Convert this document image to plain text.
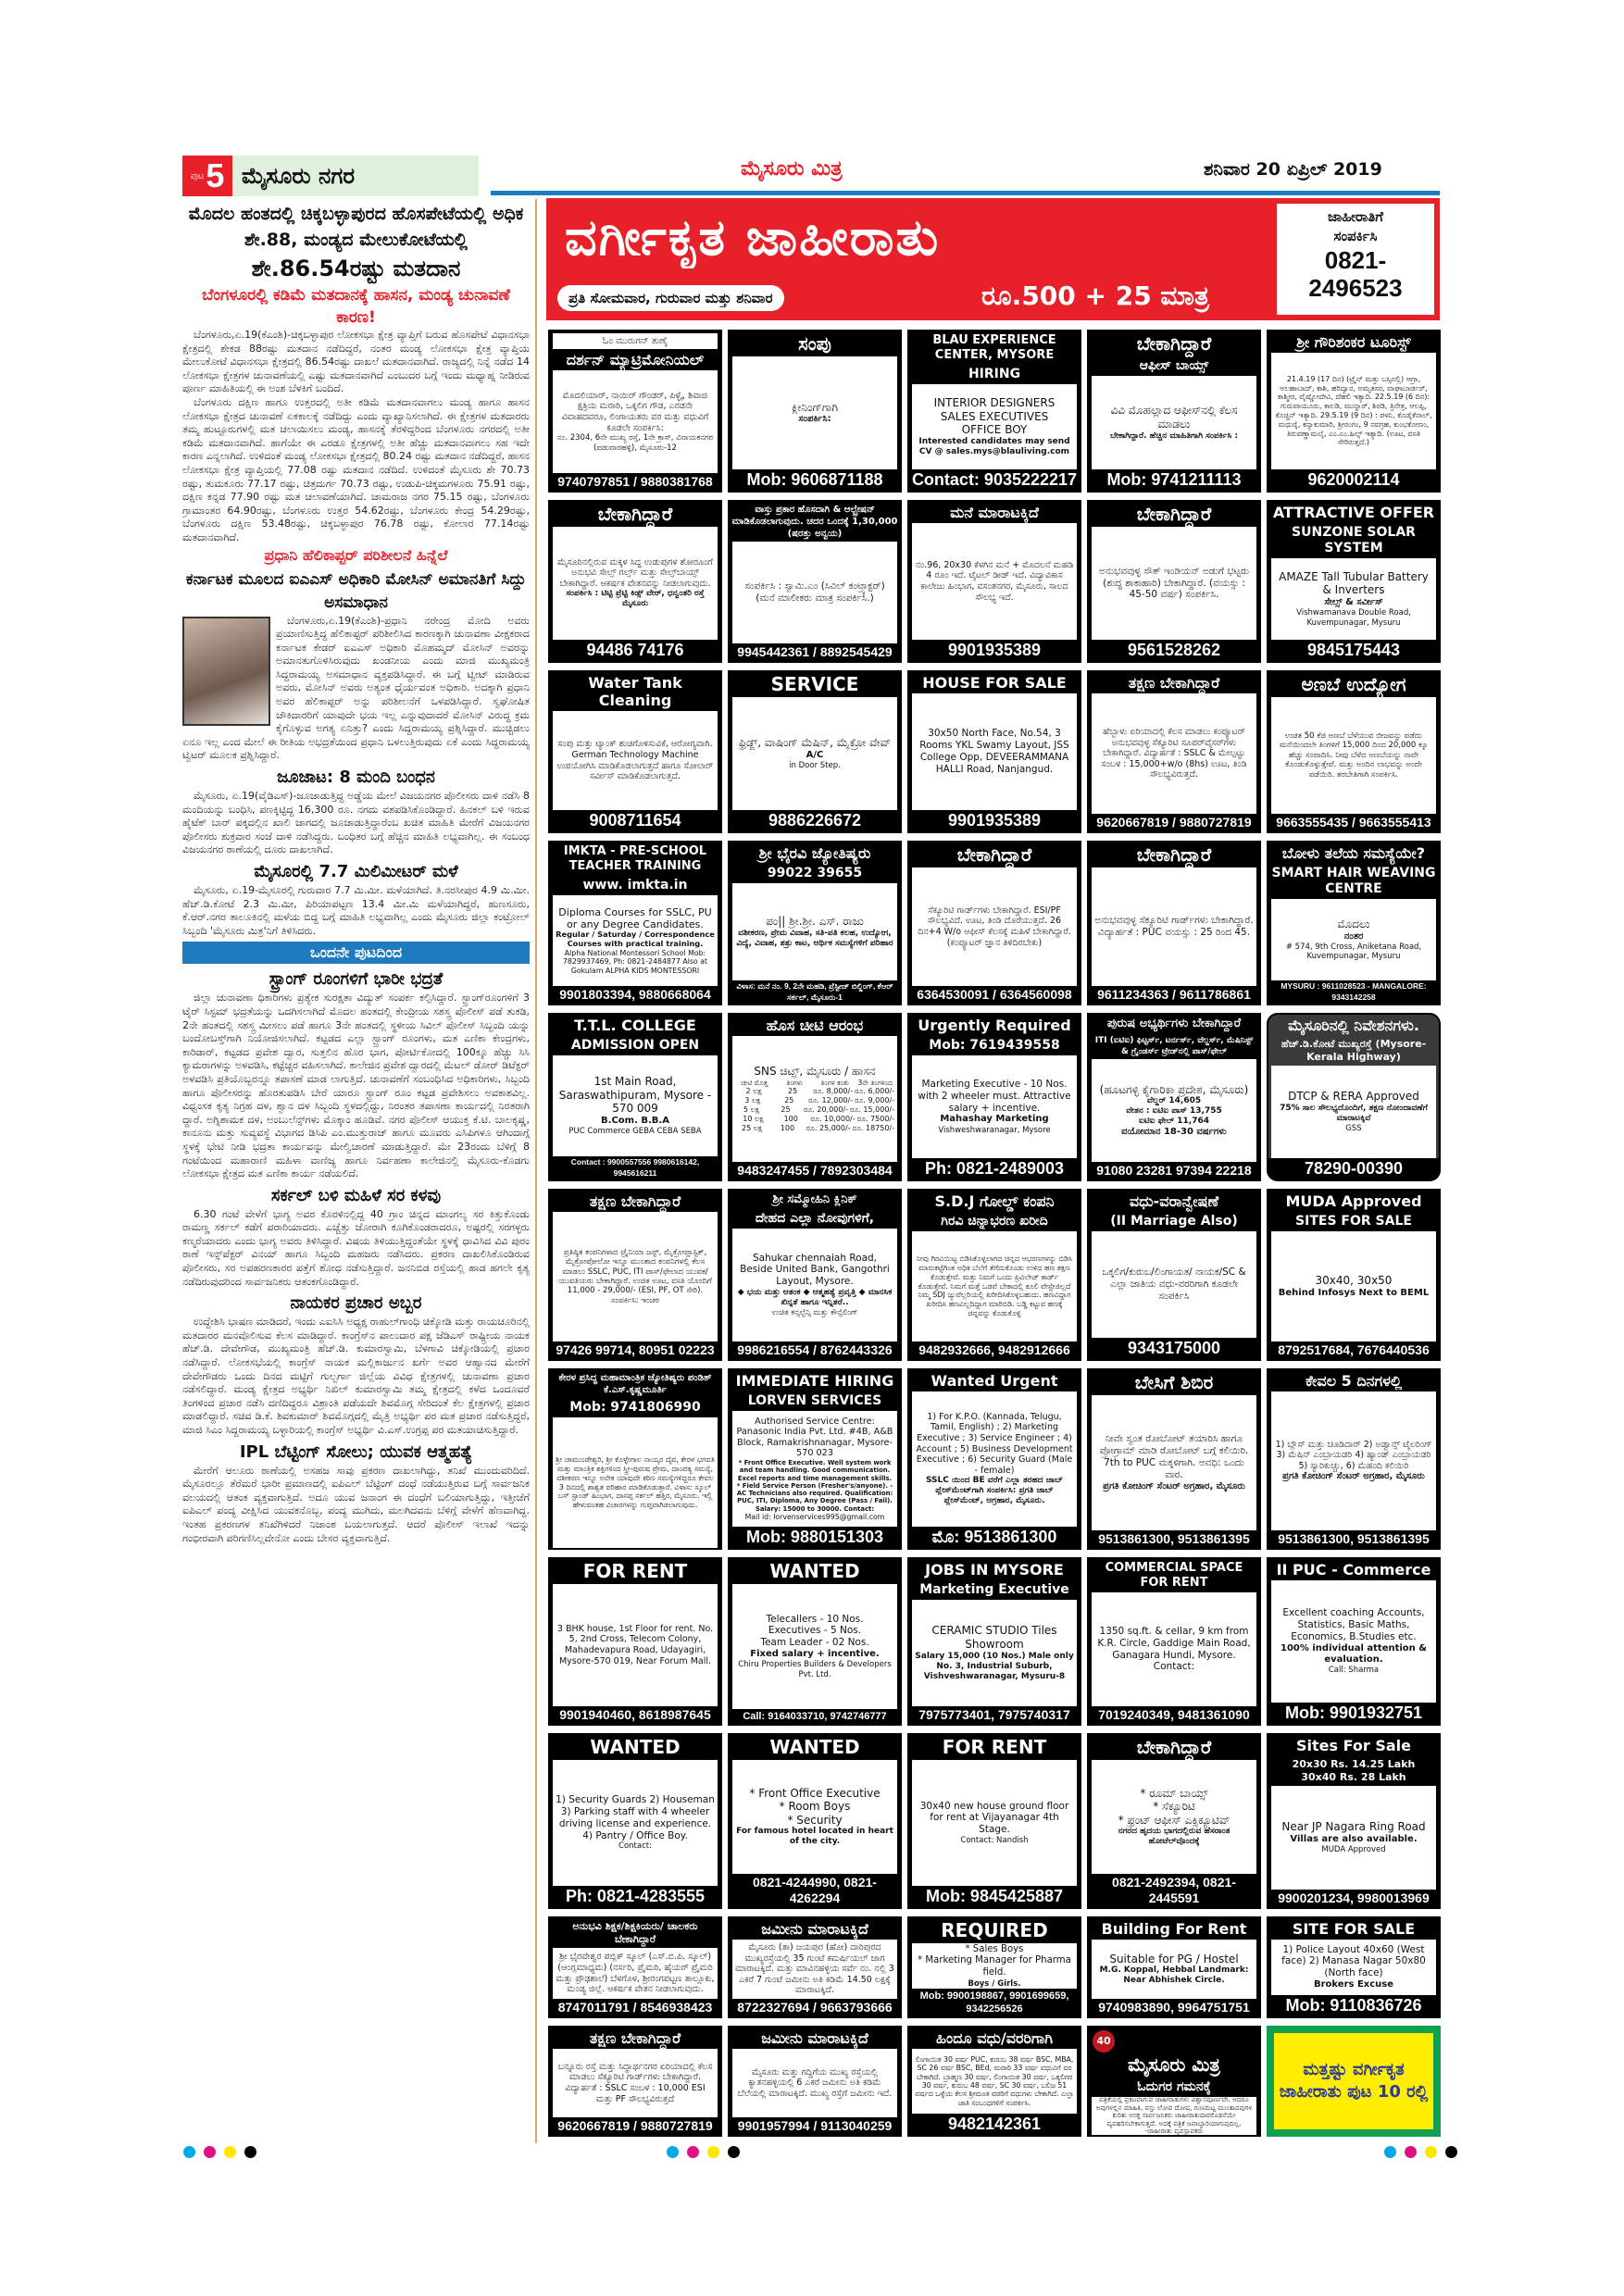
ಪುಟ 5 ಮೈಸೂರು ನಗರ	ಮೈಸೂರು ಮಿತ್ರ	ಶನಿವಾರ 20 ಏಪ್ರಿಲ್ 2019
ವರ್ಗೀಕೃತ ಜಾಹೀರಾತು
ಪ್ರತಿ ಸೋಮವಾರ, ಗುರುವಾರ ಮತ್ತು ಶನಿವಾರ	ರೂ.500 + 25 ಮಾತ್ರ
ಜಾಹೀರಾತಿಗೆ
ಸಂಪರ್ಕಿಸಿ
0821-
2496523
ಮೊದಲ ಹಂತದಲ್ಲಿ ಚಿಕ್ಕಬಳ್ಳಾಪುರದ ಹೊಸಪೇಟೆಯಲ್ಲಿ ಅಧಿಕ ಶೇ.88, ಮಂಡ್ಯದ ಮೇಲುಕೋಟೆಯಲ್ಲಿ
ಶೇ.86.54ರಷ್ಟು ಮತದಾನ
ಬೆಂಗಳೂರಲ್ಲಿ ಕಡಿಮೆ ಮತದಾನಕ್ಕೆ ಹಾಸನ, ಮಂಡ್ಯ ಚುನಾವಣೆ ಕಾರಣ!

ಬೆಂಗಳೂರು,ಏ.19(ಕೆಎಂಶಿ)-ಚಿಕ್ಕಬಳ್ಳಾಪುರ ಲೋಕಸಭಾ ಕ್ಷೇತ್ರ ವ್ಯಾಪ್ತಿಗೆ ಬರುವ ಹೊಸಪೇಟೆ ವಿಧಾನಸಭಾ ಕ್ಷೇತ್ರದಲ್ಲಿ ಶೇಕಡ 88ರಷ್ಟು ಮತದಾನ ನಡೆದಿದ್ದರೆ, ನಂತರ ಮಂಡ್ಯ ಲೋಕಸಭಾ ಕ್ಷೇತ್ರ ವ್ಯಾಪ್ತಿಯ ಮೇಲುಕೋಟೆ ವಿಧಾನಸಭಾ ಕ್ಷೇತ್ರದಲ್ಲಿ 86.54ರಷ್ಟು ದಾಖಲೆ ಮತದಾನವಾಗಿದೆ. ರಾಜ್ಯದಲ್ಲಿ ನಿನ್ನೆ ನಡೆದ 14 ಲೋಕಸಭಾ ಕ್ಷೇತ್ರಗಳ ಚುನಾವಣೆಯಲ್ಲಿ ಎಷ್ಟು ಮತದಾನವಾಗಿದೆ ಎಂಬುದರ ಬಗ್ಗೆ ಇಂದು ಮಧ್ಯಾಹ್ನ ನೀಡಿರುವ ಪೂರ್ಣ ಮಾಹಿತಿಯಲ್ಲಿ ಈ ಅಂಶ ಬೆಳಕಿಗೆ ಬಂದಿದೆ.

ಬೆಂಗಳೂರು ದಕ್ಷಿಣ ಹಾಗೂ ಉತ್ತರದಲ್ಲಿ ಅತೀ ಕಡಿಮೆ ಮತದಾನವಾಗಲು ಮಂಡ್ಯ ಹಾಗೂ ಹಾಸನ ಲೋಕಸಭಾ ಕ್ಷೇತ್ರದ ಚುನಾವಣೆ ಏಕಕಾಲಕ್ಕೆ ನಡೆದಿದ್ದು ಎಂದು ವ್ಯಾಖ್ಯಾನಿಸಲಾಗಿದೆ. ಈ ಕ್ಷೇತ್ರಗಳ ಮತದಾರರು ತಮ್ಮ ಹುಟ್ಟೂರುಗಳಲ್ಲಿ ಮತ ಚಲಾಯಿಸಲು ಮಂಡ್ಯ, ಹಾಸನಕ್ಕೆ ತೆರಳಿದ್ದರಿಂದ ಬೆಂಗಳೂರು ನಗರದಲ್ಲಿ ಅತೀ ಕಡಿಮೆ ಮತದಾನವಾಗಿದೆ. ಹಾಗೆಯೇ ಈ ಎರಡೂ ಕ್ಷೇತ್ರಗಳಲ್ಲಿ ಅತೀ ಹೆಚ್ಚು ಮತದಾನವಾಗಲು ಸಹ ಇದೇ ಕಾರಣ ಎನ್ನಲಾಗಿದೆ. ಉಳಿದಂತೆ ಮಂಡ್ಯ ಲೋಕಸಭಾ ಕ್ಷೇತ್ರದಲ್ಲಿ 80.24 ರಷ್ಟು ಮತದಾನ ನಡೆದಿದ್ದರೆ, ಹಾಸನ ಲೋಕಸಭಾ ಕ್ಷೇತ್ರ ವ್ಯಾಪ್ತಿಯಲ್ಲಿ 77.08 ರಷ್ಟು ಮತದಾನ ನಡೆದಿದೆ. ಉಳಿದಂತೆ ಮೈಸೂರು ಶೇ 70.73 ರಷ್ಟು, ತುಮಕೂರು 77.17 ರಷ್ಟು, ಚಿತ್ರದುರ್ಗ 70.73 ರಷ್ಟು, ಉಡುಪಿ-ಚಿಕ್ಕಮಗಳೂರು 75.91 ರಷ್ಟು, ದಕ್ಷಿಣ ಕನ್ನಡ 77.90 ರಷ್ಟು ಮತ ಚಲಾವಣೆಯಾಗಿದೆ. ಚಾಮರಾಜ ನಗರ 75.15 ರಷ್ಟು, ಬೆಂಗಳೂರು ಗ್ರಾಮಾಂತರ 64.90ರಷ್ಟು, ಬೆಂಗಳೂರು ಉತ್ತರ 54.62ರಷ್ಟು, ಬೆಂಗಳೂರು ಕೇಂದ್ರ 54.29ರಷ್ಟು, ಬೆಂಗಳೂರು ದಕ್ಷಿಣ 53.48ರಷ್ಟು, ಚಿಕ್ಕಬಳ್ಳಾಪುರ 76.78 ರಷ್ಟು, ಕೋಲಾರ 77.14ರಷ್ಟು ಮತದಾನವಾಗಿದೆ.

ಪ್ರಧಾನಿ ಹೆಲಿಕಾಪ್ಟರ್ ಪರಿಶೀಲನೆ ಹಿನ್ನೆಲೆ
ಕರ್ನಾಟಕ ಮೂಲದ ಐಎಎಸ್ ಅಧಿಕಾರಿ ಮೋಸಿನ್ ಅಮಾನತಿಗೆ ಸಿದ್ದು ಅಸಮಾಧಾನ

ಬೆಂಗಳೂರು,ಏ.19(ಕೆಎಂಶಿ)-ಪ್ರಧಾನಿ ನರೇಂದ್ರ ಮೋದಿ ಅವರು ಪ್ರಯಾಣಿಸುತ್ತಿದ್ದ ಹೆಲಿಕಾಪ್ಟರ್ ಪರಿಶೀಲಿಸಿದ ಕಾರಣಕ್ಕಾಗಿ ಚುನಾವಣಾ ವೀಕ್ಷಕರಾದ ಕರ್ನಾಟಕ ಕೇಡರ್ ಐಎಎಸ್ ಅಧಿಕಾರಿ ಮೊಹಮ್ಮದ್ ಮೋಸಿನ್ ಅವರನ್ನು ಅಮಾನತುಗೊಳಿಸಿರುವುದು ಖಂಡನೀಯ ಎಂದು ಮಾಜಿ ಮುಖ್ಯಮಂತ್ರಿ ಸಿದ್ದರಾಮಯ್ಯ ಅಸಮಾಧಾನ ವ್ಯಕ್ತಪಡಿಸಿದ್ದಾರೆ. ಈ ಬಗ್ಗೆ ಟ್ವೀಟ್ ಮಾಡಿರುವ ಅವರು, ಮೋಸಿನ್ ಅವರು ಅತ್ಯಂತ ಧೈರ್ಯವಂತ ಅಧಿಕಾರಿ. ಅದಕ್ಕಾಗಿ ಪ್ರಧಾನಿ ಅವರ ಹೆಲಿಕಾಪ್ಟರ್ ಅನ್ನು ಪರಿಶೀಲನೆಗೆ ಒಳಪಡಿಸಿದ್ದಾರೆ. ಸ್ವಘೋಷಿತ ಚೌಕಿದಾರರಿಗೆ ಯಾವುದೇ ಭಯ ಇಲ್ಲ ಎನ್ನುವುದಾದರೆ ಮೋಸಿನ್ ವಿರುದ್ಧ ಕ್ರಮ ಕೈಗೊಳ್ಳುವ ಅಗತ್ಯ ಏನಿತ್ತು? ಎಂದು ಸಿದ್ದರಾಮಯ್ಯ ಪ್ರಶ್ನಿಸಿದ್ದಾರೆ. ಮುಚ್ಚಿಡಲು ಏನೂ ಇಲ್ಲ ಎಂದ ಮೇಲೆ ಈ ರೀತಿಯ ಅಭದ್ರತೆಯಿಂದ ಪ್ರಧಾನಿ ಬಳಲುತ್ತಿರುವುದು ಏಕೆ ಎಂದು ಸಿದ್ದರಾಮಯ್ಯ ಟ್ವಿಟರ್ ಮೂಲಕ ಪ್ರಶ್ನಿಸಿದ್ದಾರೆ.

ಜೂಜಾಟ: 8 ಮಂದಿ ಬಂಧನ

ಮೈಸೂರು, ಏ.19(ವೈಡಿಎಸ್)-ಜೂಜಾಡುತ್ತಿದ್ದ ಅಡ್ಡೆಯ ಮೇಲೆ ವಿಜಯನಗರ ಪೊಲೀಸರು ದಾಳಿ ನಡೆಸಿ 8 ಮಂದಿಯನ್ನು ಬಂಧಿಸಿ, ಪಣಕ್ಕಿಟ್ಟಿದ್ದ 16,300 ರೂ. ನಗದು ವಶಪಡಿಸಿಕೊಂಡಿದ್ದಾರೆ. ಹಿನಕಲ್ ಬಳಿ ಇರುವ ಹೈಟೆಕ್ ಬಾರ್ ಪಕ್ಕದಲ್ಲಿನ ಖಾಲಿ ಜಾಗದಲ್ಲಿ ಜೂಜಾಡುತ್ತಿದ್ದಾರೆಂಬ ಖಚಿತ ಮಾಹಿತಿ ಮೇರೆಗೆ ವಿಜಯನಗರ ಪೊಲೀಸರು ಶುಕ್ರವಾರ ಸಂಜೆ ದಾಳಿ ನಡೆಸಿದ್ದರು. ಬಂಧಿತರ ಬಗ್ಗೆ ಹೆಚ್ಚಿನ ಮಾಹಿತಿ ಲಭ್ಯವಾಗಿಲ್ಲ. ಈ ಸಂಬಂಧ ವಿಜಯನಗರ ಠಾಣೆಯಲ್ಲಿ ದೂರು ದಾಖಲಾಗಿದೆ.

ಮೈಸೂರಲ್ಲಿ 7.7 ಮಿಲಿಮೀಟರ್ ಮಳೆ

ಮೈಸೂರು, ಏ.19-ಮೈಸೂರಲ್ಲಿ ಗುರುವಾರ 7.7 ಮಿ.ಮೀ. ಮಳೆಯಾಗಿದೆ. ತಿ.ನರಸೀಪುರ 4.9 ಮಿ.ಮೀ. ಹೆಚ್.ಡಿ.ಕೋಟೆ 2.3 ಮಿ.ಮೀ, ಪಿರಿಯಾಪಟ್ಟಣ 13.4 ಮೀ.ಮಿ ಮಳೆಯಾಗಿದ್ದರೆ, ಹುಣಸೂರು, ಕೆ.ಆರ್.ನಗರ ತಾಲೂಕಿನಲ್ಲಿ ಮಳೆಯ ಬಿದ್ದ ಬಗ್ಗೆ ಮಾಹಿತಿ ಲಭ್ಯವಾಗಿಲ್ಲ ಎಂದು ಮೈಸೂರು ಜಿಲ್ಲಾ ಕಂಟ್ರೋಲ್ ಸಿಬ್ಬಂದಿ 'ಮೈಸೂರು ಮಿತ್ರ'ನಿಗೆ ತಿಳಿಸಿದರು.

ಒಂದನೇ ಪುಟದಿಂದ
ಸ್ಟ್ರಾಂಗ್ ರೂಂಗಳಿಗೆ ಭಾರೀ ಭದ್ರತೆ

ಜಿಲ್ಲಾ ಚುನಾವಣಾ ಧಿಕಾರಿಗಳು ಪ್ರತ್ಯೇಕ ಸುರಕ್ಷತಾ ವಿದ್ಯುತ್ ಸಂಪರ್ಕ ಕಲ್ಪಿಸಿದ್ದಾರೆ. ಸ್ಟ್ರಾಂಗ್‌ರೂಂಗಳಿಗೆ 3 ಟೈರ್ ಸಿಸ್ಟಮ್ ಭದ್ರತೆಯನ್ನು ಒದಗಿಸಲಾಗಿದೆ ಮೊದಲ ಹಂತದಲ್ಲಿ ಕೇಂದ್ರೀಯ ಸಶಸ್ತ್ರ ಪೊಲೀಸ್ ಪಡೆ ತುಕಡಿ, 2ನೇ ಹಂತದಲ್ಲಿ ಸಶಸ್ತ್ರ ಮೀಸಲು ಪಡೆ ಹಾಗೂ 3ನೇ ಹಂತದಲ್ಲಿ ಸ್ಥಳೀಯ ಸಿವಿಲ್ ಪೊಲೀಸ್ ಸಿಬ್ಬಂದಿ ಯನ್ನು ಬಂದೋಬಸ್ತ್‌ಗಾಗಿ ನಿಯೋಜಿಸಲಾಗಿದೆ. ಕಟ್ಟಡದ ಎಲ್ಲಾ ಸ್ಟ್ರಾಂಗ್ ರೂಂಗಳು, ಮತ ಎಣಿಕಾ ಕೇಂದ್ರಗಳು, ಕಾರಿಡಾರ್, ಕಟ್ಟಡದ ಪ್ರವೇಶ ದ್ವಾರ, ಸುತ್ತಲಿನ ಹೊರ ಭಾಗ, ಪೋರ್ಟಿಕೋದಲ್ಲಿ 100ಕ್ಕೂ ಹೆಚ್ಚು ಸಿಸಿ ಕ್ಯಾಮರಾಗಳನ್ನು ಅಳವಡಿಸಿ, ಕಟ್ಟೆಚ್ಚರ ವಹಿಸಲಾಗಿದೆ. ಕಾಲೇಜಿನ ಪ್ರವೇಶ ದ್ವಾರದಲ್ಲಿ ಮೆಟಲ್ ಡೋರ್ ಡಿಟೆಕ್ಟರ್ ಅಳವಡಿಸಿ ಪ್ರತಿಯೊಬ್ಬರನ್ನೂ ತಪಾಸಣೆ ಮಾಡ ಲಾಗುತ್ತಿದೆ. ಚುನಾವಣೆಗೆ ಸಂಬಂಧಿಸಿದ ಅಧಿಕಾರಿಗಳು, ಸಿಬ್ಬಂದಿ ಹಾಗೂ ಪೊಲೀಸರನ್ನು ಹೊರತುಪಡಿಸಿ ಬೇರೆ ಯಾರೂ ಸ್ಟ್ರಾಂಗ್ ರೂಂ ಕಟ್ಟಡ ಪ್ರವೇಶಿಸಲು ಅವಕಾಶವಿಲ್ಲ. ವಿಧ್ವಂಸಕ ಕೃತ್ಯ ನಿಗ್ರಹ ದಳ, ಶ್ವಾನ ದಳ ಸಿಬ್ಬಂದಿ ಸ್ಥಳದಲ್ಲಿದ್ದು, ನಿರಂತರ ತಪಾಸಣಾ ಕಾರ್ಯದಲ್ಲಿ ನಿರತರಾಗಿ ದ್ದಾರೆ. ಅಗ್ನಿಶಾಮಕ ದಳ, ಅಂಬುಲೆನ್ಸ್‌ಗಳು ಮೊಕ್ಕಾಂ ಹೂಡಿವೆ. ನಗರ ಪೊಲೀಸ್ ಆಯುಕ್ತ ಕೆ.ಟಿ. ಬಾಲಕೃಷ್ಣ, ಕಾನೂನು ಮತ್ತು ಸುವ್ಯವಸ್ಥೆ ವಿಭಾಗದ ಡಿಸಿಪಿ ಎಂ.ಮುತ್ತುರಾಜ್ ಹಾಗೂ ಮೂವರು ಎಸಿಪಿಗಳೂ ಆಗಿಂದಾಗ್ಗೆ ಸ್ಥಳಕ್ಕೆ ಭೇಟಿ ನೀಡಿ ಭದ್ರತಾ ಕಾರ್ಯವನ್ನು ಮೇಲ್ವಿಚಾರಣೆ ಮಾಡುತ್ತಿದ್ದಾರೆ. ಮೇ 23ರಂದು ಬೆಳಿಗ್ಗೆ 8 ಗಂಟೆಯಿಂದ ಮಹಾರಾಣಿ ಮಹಿಳಾ ವಾಣಿಜ್ಯ ಹಾಗೂ ನಿರ್ವಹಣಾ ಕಾಲೇಜಿನಲ್ಲಿ ಮೈಸೂರು-ಕೊಡಗು ಲೋಕಸಭಾ ಕ್ಷೇತ್ರದ ಮತ ಎಣಿಕಾ ಕಾರ್ಯ ನಡೆಯಲಿದೆ.

ಸರ್ಕಲ್ ಬಳಿ ಮಹಿಳೆ ಸರ ಕಳವು

6.30 ಗಂಟೆ ವೇಳೆಗೆ ಭಾಗ್ಯ ಅವರ ಕೊರಳಿನಲ್ಲಿದ್ದ 40 ಗ್ರಾಂ ಚಿನ್ನದ ಮಾಂಗಲ್ಯ ಸರ ಕಿತ್ತುಕೊಂಡು ರಾಮಣ್ಣ ಸರ್ಕಲ್ ಕಡೆಗೆ ಪರಾರಿಯಾದರು. ಎಚ್ಚೆತ್ತು ಜೋರಾಗಿ ಕೂಗಿಕೊಂಡರಾದರೂ, ಅಷ್ಟರಲ್ಲಿ ಸರಗಳ್ಳರು ಕಣ್ಮರೆಯಾದರು ಎಂದು ಭಾಗ್ಯ ಅವರು ತಿಳಿಸಿದ್ದಾರೆ. ವಿಷಯ ತಿಳಿಯುತ್ತಿದ್ದಂತೆಯೇ ಸ್ಥಳಕ್ಕೆ ಧಾವಿಸಿದ ವಿವಿ ಪುರಂ ಠಾಣೆ ಇನ್ಸ್‌ಪೆಕ್ಟರ್ ವಿನಯ್ ಹಾಗೂ ಸಿಬ್ಬಂದಿ ಮಹಜರು ನಡೆಸಿದರು. ಪ್ರಕರಣ ದಾಖಲಿಸಿಕೊಂಡಿರುವ ಪೊಲೀಸರು, ಸರ ಅಪಹರಣಕಾರರ ಪತ್ತೆಗೆ ಶೋಧ ನಡೆಸುತ್ತಿದ್ದಾರೆ. ಜನನಿಬಿಡ ರಸ್ತೆಯಲ್ಲಿ ಹಾಡ ಹಗಲೇ ಕೃತ್ಯ ನಡೆದಿರುವುದರಿಂದ ಸಾರ್ವಜನಿಕರು ಆತಂಕಗೊಂಡಿದ್ದಾರೆ.

ನಾಯಕರ ಪ್ರಚಾರ ಅಬ್ಬರ

ಉದ್ದೇಶಿಸಿ ಭಾಷಣ ಮಾಡಿದರೆ, ಇಂದು ಎಐಸಿಸಿ ಅಧ್ಯಕ್ಷ ರಾಹುಲ್‌ಗಾಂಧಿ ಚಿಕ್ಕೋಡಿ ಮತ್ತು ರಾಯಚೂರಿನಲ್ಲಿ ಮತದಾರರ ಮನವೊಲಿಸುವ ಕೆಲಸ ಮಾಡಿದ್ದಾರೆ. ಕಾಂಗ್ರೆಸ್‌ನ ಪಾಲುದಾರ ಪಕ್ಷ ಜೆಡಿಎಸ್ ರಾಷ್ಟ್ರೀಯ ನಾಯಕ ಹೆಚ್.ಡಿ. ದೇವೇಗೌಡ, ಮುಖ್ಯಮಂತ್ರಿ ಹೆಚ್.ಡಿ. ಕುಮಾರಸ್ವಾಮಿ, ಬೆಳಗಾವಿ ಚಿಕ್ಕೋಡಿಯಲ್ಲಿ ಪ್ರಚಾರ ನಡೆಸಿದ್ದಾರೆ. ಲೋಕಸಭೆಯಲ್ಲಿ ಕಾಂಗ್ರೆಸ್ ನಾಯಕ ಮಲ್ಲಿಕಾರ್ಜುನ ಖರ್ಗೆ ಅವರ ಆಹ್ವಾನದ ಮೇರೆಗೆ ದೇವೇಗೌಡರು ಒಂದು ದಿನದ ಮಟ್ಟಿಗೆ ಗುಲ್ಬರ್ಗಾ ಜಿಲ್ಲೆಯ ವಿವಿಧ ಕ್ಷೇತ್ರಗಳಲ್ಲಿ ಚುನಾವಣಾ ಪ್ರಚಾರ ನಡೆಸಲಿದ್ದಾರೆ. ಮಂಡ್ಯ ಕ್ಷೇತ್ರದ ಅಭ್ಯರ್ಥಿ ನಿಖಿಲ್ ಕುಮಾರಸ್ವಾಮಿ ತಮ್ಮ ಕ್ಷೇತ್ರದಲ್ಲಿ ಕಳೆದ ಒಂದೂವರೆ ತಿಂಗಳಿಂದ ಪ್ರಚಾರ ನಡೆಸಿ ದಣಿದಿದ್ದರೂ ವಿಶ್ರಾಂತಿ ಪಡೆಯದೇ ಶಿವಮೊಗ್ಗ ಸೇರಿದಂತೆ ಕೆಲ ಕ್ಷೇತ್ರಗಳಲ್ಲಿ ಪ್ರಚಾರ ಮಾಡಲಿದ್ದಾರೆ. ಸಚಿವ ಡಿ.ಕೆ. ಶಿವಕುಮಾರ್ ಶಿವಮೊಗ್ಗದಲ್ಲಿ ಮೈತ್ರಿ ಅಭ್ಯರ್ಥಿ ಪರ ಮತ ಪ್ರಚಾರ ನಡೆಸುತ್ತಿದ್ದರೆ, ಮಾಜಿ ಸಿಎಂ ಸಿದ್ದರಾಮಯ್ಯ ಬಳ್ಳಾರಿಯಲ್ಲಿ ಕಾಂಗ್ರೆಸ್ ಅಭ್ಯರ್ಥಿ ವಿ.ಎಸ್.ಉಗ್ರಪ್ಪ ಪರ ಮತಯಾಚಿಸುತ್ತಿದ್ದಾರೆ.

IPL ಬೆಟ್ಟಿಂಗ್ ಸೋಲು; ಯುವಕ ಆತ್ಮಹತ್ಯೆ

ಮೇರೆಗೆ ಆಲೂರು ಠಾಣೆಯಲ್ಲಿ ಅಸಹಜ ಸಾವು ಪ್ರಕರಣ ದಾಖಲಾಗಿದ್ದು, ತನಿಖೆ ಮುಂದುವರಿದಿದೆ. ಮೈಸೂರಲ್ಲೂ ತೆರೆಮರೆ ಭಾರೀ ಪ್ರಮಾಣದಲ್ಲಿ ಐಪಿಎಲ್ ಬೆಟ್ಟಿಂಗ್ ದಂಧೆ ನಡೆಯುತ್ತಿರುವ ಬಗ್ಗೆ ಸಾರ್ವಜನಿಕ ವಲಯದಲ್ಲಿ ಆತಂಕ ವ್ಯಕ್ತವಾಗುತ್ತಿದೆ. ಅದೂ ಯುವ ಜನಾಂಗ ಈ ದಂಧೆಗೆ ಬಲಿಯಾಗುತ್ತಿದ್ದು, ಇತ್ತೀಚೆಗೆ ಐಪಿಎಲ್ ಪಂದ್ಯ ವೀಕ್ಷಿಸಿದ ಯುವಕನೊಬ್ಬ, ಪಂದ್ಯ ಮುಗಿದು, ಮಲಗಿದವನು ಬೆಳಿಗ್ಗೆ ವೇಳೆಗೆ ಹೆಣವಾಗಿದ್ದ. ಇಂತಹ ಪ್ರಕರಣಗಳ ತನಿಖೆಗಿಳಿದರೆ ನಿಜಾಂಶ ಬಯಲಾಗುತ್ತದೆ. ಆದರೆ ಪೊಲೀಸ್ ಇಲಾಖೆ ಇದನ್ನು ಗಂಭೀರವಾಗಿ ಪರಿಗಣಿಸಿಲ್ಲವೇನೋ ಎಂದು ಬೇಸರ ವ್ಯಕ್ತವಾಗುತ್ತಿದೆ.

ಓಂ ಮುರುಗನ್ ತುಣೈ
ದರ್ಶನ್ ಮ್ಯಾಟ್ರಿಮೋನಿಯಲ್
ಮೊದಲಿಯಾರ್, ನಾಯಿರ್ ಗೌಂಡರ್, ಪಿಳ್ಳೈ, ಶಿವಾಜಿ ಕ್ಷತ್ರಿಯ ಮರಾಠಿ, ಒಕ್ಕಲಿಗ ಗೌಡ, ಎರಡನೇ ವಿವಾಹದವರೂ, ಲಿಂಗಾಯತರು ವರ ಮತ್ತು ವಧುವಿಗೆ ಕೂಡಲೇ ಸಂಪರ್ಕಿಸಿ:
ನಂ. 2304, 6ನೇ ಮುಖ್ಯ ರಸ್ತೆ, 1ನೇ ಕ್ರಾಸ್, ವಿನಾಯಕನಗರ (ಪಡುವಾರಹಳ್ಳಿ), ಮೈಸೂರು-12
9740797851 / 9880381768
ಸಂಪು
ಕ್ಲೀನಿಂಗ್‌ಗಾಗಿ
ಸಂಪರ್ಕಿಸಿ:
Mob: 9606871188
BLAU EXPERIENCE CENTER, MYSORE
HIRING
INTERIOR DESIGNERS
SALES EXECUTIVES
OFFICE BOY
Interested candidates may send CV @ sales.mys@blauliving.com
Contact: 9035222217
ಬೇಕಾಗಿದ್ದಾರೆ
ಆಫೀಸ್ ಬಾಯ್ಸ್
ವಿವಿ ಮೊಹಲ್ಲಾದ ಆಫೀಸ್‌ನಲ್ಲಿ ಕೆಲಸ ಮಾಡಲು
ಬೇಕಾಗಿದ್ದಾರೆ. ಹೆಚ್ಚಿನ ಮಾಹಿತಿಗಾಗಿ ಸಂಪರ್ಕಿಸಿ :
Mob: 9741211113
ಶ್ರೀ ಗೌರಿಶಂಕರ ಟೂರಿಸ್ಟ್
21.4.19 (17 ದಿನ) (ಟ್ರೈನ್ ಮತ್ತು ಬಸ್ಸಿನಲ್ಲಿ) ಆಗ್ರಾ, ಅಲಹಾಬಾದ್, ಕಾಶಿ, ಹರಿದ್ವಾರ, ಅಮೃತಸರ, ವಾಘಾಬಾರ್ಡರ್, ಕಾಶ್ಮೀರ, ವೈಷ್ಣೋದೇವಿ, ದೆಹಲಿ ಇತ್ಯಾದಿ. 22.5.19 (6 ದಿನ): ಗುರುವಾಯೂರು, ಕಾಲಡಿ, ಮುನ್ನಾರ್, ಶಿರಡಿ, ತ್ರಿನೇತ್ರ, ಆಲಪ್ಪಿ, ಕೊಚ್ಚಿನ್ ಇತ್ಯಾದಿ. 29.5.19 (9 ದಿನ) : ಪಳನಿ, ಕೊಡೈಕೆನಾಲ್, ಮಧುರೈ, ಕನ್ಯಾಕುಮಾರಿ, ಶ್ರೀರಂಗಂ, 9 ನವಗ್ರಹ, ಕುಂಭಕೋಣಂ, ತಿರುವಣ್ಣಾಮಲೈ, ಎಂ.ಎಂ.ಹಿಲ್ಸ್ ಇತ್ಯಾದಿ. (ಊಟ, ವಸತಿ ಸೇರಿರುತ್ತದೆ.)
9620002114
ಬೇಕಾಗಿದ್ದಾರೆ
ಮೈಸೂರಿನಲ್ಲಿರುವ ಮಕ್ಕಳ ಸಿದ್ಧ ಉಡುಪುಗಳ ಶೋರೂಂಗೆ ಅನುಭವಿ ಸೇಲ್ಸ್ ಗರ್ಲ್ಸ್ ಮತ್ತು ಸೇಲ್ಸ್‌ಬಾಯ್ಸ್ ಬೇಕಾಗಿದ್ದಾರೆ. ಆಕರ್ಷಕ ವೇತನವನ್ನು ನೀಡಲಾಗುವುದು.
ಸಂಪರ್ಕಿಸಿ : ಟಿಟ್ಟಿ ಪ್ರೆಟ್ಟಿ ಕಿಡ್ಸ್ ವೇರ್, ಧನ್ವಂತರಿ ರಸ್ತೆ ಮೈಸೂರು
94486 74176
ವಾಸ್ತು ಪ್ರಕಾರ ಹೊಸದಾಗಿ & ಆಲ್ಟ್ರೇಷನ್ ಮಾಡಿಕೊಡಲಾಗುವುದು. ಚದರ ಒಂದಕ್ಕೆ 1,30,000 (ಷರತ್ತು ಅನ್ವಯ)
ಸಂಪರ್ಕಿಸಿ : ಸ್ವಾಮಿ.ಎಂ (ಸಿವಿಲ್ ಕಂಟ್ರ್ಯಾಕ್ಟರ್) (ಮನೆ ಮಾಲೀಕರು ಮಾತ್ರ ಸಂಪರ್ಕಿಸಿ.)
9945442361 / 8892545429
ಮನೆ ಮಾರಾಟಕ್ಕಿದೆ
ನಂ.96, 20x30 ಕೆಳಗಿನ ಮನೆ + ಮೊದಲನೆ ಮಹಡಿ 4 ರೂಂ ಇದೆ. ಟೈಟಲ್ ಡೀಡ್ ಇದೆ. ವಿದ್ಯಾವಿಕಾಸ ಕಾಲೇಜು ಹಿಂಭಾಗ, ವಸಂತನಗರ, ಮೈಸೂರು, ಸಾಲದ ಸೌಲಭ್ಯ ಇದೆ.
9901935389
ಬೇಕಾಗಿದ್ದಾರೆ
ಅನುಭವವುಳ್ಳ ಸೌತ್ ಇಂಡಿಯನ್ ಅಡುಗೆ ಭಟ್ಟರು (ಶುದ್ಧ ಶಾಕಾಹಾರಿ) ಬೇಕಾಗಿದ್ದಾರೆ. (ವಯಸ್ಸು : 45-50 ವರ್ಷ) ಸಂಪರ್ಕಿಸಿ.
9561528262
ATTRACTIVE OFFER
SUNZONE SOLAR SYSTEM
AMAZE Tall Tubular Battery & Inverters
ಸೇಲ್ಸ್ & ಸರ್ವೀಸ್
Vishwamanava Double Road, Kuvempunagar, Mysuru
9845175443
Water Tank Cleaning
ಸಂಪು ಮತ್ತು ಟ್ಯಾಂಕ್ ಶುಚಿಗೊಳಿಸುವಿಕೆ, ಆರೋಗ್ಯವಾಗಿ. German Technology Machine ಉಪಯೋಗಿಸಿ ಮಾಡಿಕೊಡಲಾಗುತ್ತದೆ ಹಾಗೂ ಸೋಲಾರ್ ಸರ್ವೀಸ್ ಮಾಡಿಕೊಡಲಾಗುತ್ತದೆ.
9008711654
SERVICE
ಫ್ರಿಡ್ಜ್, ವಾಷಿಂಗ್ ಮೆಷಿನ್, ಮೈಕ್ರೋ ವೇವ್
A/C
in Door Step.
9886226672
HOUSE FOR SALE
30x50 North Face, No.54, 3 Rooms YKL Swamy Layout, JSS College Opp, DEVEERAMMANA HALLI Road, Nanjangud.
9901935389
ತಕ್ಷಣ ಬೇಕಾಗಿದ್ದಾರೆ
ಹೆಬ್ಬಾಳು ಏರಿಯಾದಲ್ಲಿ ಕೆಲಸ ಮಾಡಲು ಕಂಪ್ಯೂಟರ್ ಅನುಭವವುಳ್ಳ ಸೆಕ್ಯೂರಿಟಿ ಸೂಪರ್‌ವೈಸರ್‌ಗಳು ಬೇಕಾಗಿದ್ದಾರೆ. ವಿದ್ಯಾರ್ಹತೆ : SSLC & ಮೇಲ್ಪಟ್ಟು ಸಂಬಳ : 15,000+w/o (8hs) ಊಟ, ತಿಂಡಿ ಸೌಲಭ್ಯವಿರುತ್ತದೆ.
9620667819 / 9880727819
ಅಣಬೆ ಉದ್ಯೋಗ
ಉಚಿತ 50 ಕೆಜಿ ಅಣಬೆ ಬೆಳೆಯುವ ಬೀಜವನ್ನು ಪಡೆದು ಮನೆಯಿಂದಲೇ ತಿಂಗಳಿಗೆ 15,000 ದಿಂದ 20,000 ಕ್ಕೂ ಹೆಚ್ಚು ಸಂಪಾದಿಸಿ. ನೀವು ಬೆಳೆದ ಅಣಬೆಯನ್ನು ನಾವೇ ಕೊಂಡುಕೊಳ್ಳುತ್ತೇವೆ. ಮತ್ತು ಅಂದಿನ ಲಾಭವನ್ನು ಅಂದೇ ಪಡೆಯಿರಿ. ತರಬೇತಿಗಾಗಿ ಸಂಪರ್ಕಿಸಿ.
9663555435 / 9663555413
IMKTA - PRE-SCHOOL TEACHER TRAINING
www. imkta.in
Diploma Courses for SSLC, PU or any Degree Candidates.
Regular / Saturday / Correspondence Courses with practical training.
Alpha National Montessori School Mob: 7829937469, Ph: 0821-2484877 Also at Gokulam ALPHA KIDS MONTESSORI
9901803394, 9880668064
ಶ್ರೀ ಭೈರವಿ ಜ್ಯೋತಿಷ್ಯರು
99022 39655
ಪಂ|| ಶ್ರೀ.ಶ್ರೀ. ಎಸ್. ರಾಜು
ವಶೀಕರಣ, ಪ್ರೇಮ ವಿವಾಹ, ಸತಿ-ಪತಿ ಕಲಹ, ಉದ್ಯೋಗ, ವಿದ್ಯೆ, ವಿವಾಹ, ಶತ್ರು ಕಾಟ, ಆರ್ಥಿಕ ಸಮಸ್ಯೆಗಳಿಗೆ ಪರಿಹಾರ
ವಿಳಾಸ: ಮನೆ ನಂ. 9, 2ನೇ ಮಹಡಿ, ಪ್ರೆಸ್ಟೀಜ್ ಬಿಲ್ಡಿಂಗ್, ಕೆಆರ್ ಸರ್ಕಲ್, ಮೈಸೂರು-1
ಬೇಕಾಗಿದ್ದಾರೆ
ಸೆಕ್ಯೂರಿಟಿ ಗಾರ್ಡ್‌ಗಳು ಬೇಕಾಗಿದ್ದಾರೆ. ESI/PF ಸೌಲಭ್ಯವಿದೆ. ಊಟ, ತಿಂಡಿ ದೊರೆಯುತ್ತದೆ. 26 ದಿನ+4 W/o ಆಫೀಸ್ ಕೆಲಸಕ್ಕೆ ಮಹಿಳೆ ಬೇಕಾಗಿದ್ದಾರೆ. (ಕಂಪ್ಯೂಟರ್ ಜ್ಞಾನ ತಿಳಿದಿರಬೇಕು)
6364530091 / 6364560098
ಬೇಕಾಗಿದ್ದಾರೆ
ಅನುಭವವುಳ್ಳ ಸೆಕ್ಯೂರಿಟಿ ಗಾರ್ಡ್‌ಗಳು ಬೇಕಾಗಿದ್ದಾರೆ. ವಿದ್ಯಾರ್ಹತೆ : PUC ವಯಸ್ಸು : 25 ರಿಂದ 45.
9611234363 / 9611786861
ಬೋಳು ತಲೆಯ ಸಮಸ್ಯೆಯೇ?
SMART HAIR WEAVING CENTRE
ಮೊದಲು
ನಂತರ
# 574, 9th Cross, Aniketana Road, Kuvempunagar, Mysuru
MYSURU : 9611028523 - MANGALORE: 9343142258
T.T.L. COLLEGE
ADMISSION OPEN
1st Main Road, Saraswathipuram, Mysore - 570 009
B.Com. B.B.A
PUC Commerce GEBA CEBA SEBA
Contact : 9900557556 9980616142, 9945616211
ಹೊಸ ಚೀಟಿ ಆರಂಭ
SNS ಚಿಟ್ಸ್, ಮೈಸೂರು / ಹಾಸನ
ಚೀಟಿ ಮೊತ್ತ	ತಿಂಗಳು	ತಿಂಗಳ ಕಂತು	3ನೇ ತಿಂಗಳಿಂದ
2 ಲಕ್ಷ	25	ರೂ. 8,000/- ರೂ. 6,000/-
3 ಲಕ್ಷ	25	ರೂ. 12,000/- ರೂ. 9,000/-
5 ಲಕ್ಷ	25	ರೂ. 20,000/- ರೂ. 15,000/-
10 ಲಕ್ಷ	100	ರೂ. 10,000/- ರೂ. 7500/-
25 ಲಕ್ಷ	100	ರೂ. 25,000/- ರೂ. 18750/-
9483247455 / 7892303484
Urgently Required
Mob: 7619439558
Marketing Executive - 10 Nos. with 2 wheeler must. Attractive salary + incentive.
Mahashay Marketing
Vishweshwaranagar, Mysore
Ph: 0821-2489003
ಪುರುಷ ಅಭ್ಯರ್ಥಿಗಳು ಬೇಕಾಗಿದ್ದಾರೆ
ITI (ಐಟಿಐ) ಫಿಟ್ಟರ್ಸ್, ಟರ್ನರ್ಸ್, ವೆಲ್ಡರ್ಸ್, ಮೆಷಿನಿಸ್ಟ್ & ಗ್ರೈಂಡರ್ಸ್ ಟ್ರೇಡ್‌ನಲ್ಲಿ ಪಾಸ್/ಫೇಲ್
(ಹೂಟಗಳ್ಳಿ ಕೈಗಾರಿಕಾ ಪ್ರದೇಶ, ಮೈಸೂರು)
ವೆಲ್ಡರ್ 14,605
ವೇತನ : ಐಟಿಐ ಪಾಸ್ 13,755
ಐಟಿಐ ಫೇಲ್ 11,764
ವಯೋಮಾನ 18-30 ವರ್ಷಗಳು
91080 23281 97394 22218
ಮೈಸೂರಿನಲ್ಲಿ ನಿವೇಶನಗಳು.
ಹೆಚ್.ಡಿ.ಕೋಟೆ ಮುಖ್ಯರಸ್ತೆ (Mysore-Kerala Highway)
DTCP & RERA Approved
75% ಸಾಲ ಸೌಲಭ್ಯದೊಂದಿಗೆ, ತಕ್ಷಣ ನೋಂದಾವಣೆಗೆ ಮಾರಾಟಕ್ಕಿವೆ
GSS
78290-00390
ತಕ್ಷಣ ಬೇಕಾಗಿದ್ದಾರೆ
ಪ್ರತಿಷ್ಠಿತ ಕಂಪನಿಗಳಾದ ಟ್ರೈನಿಯಾ ಜಸ್ಟ್, ಮೈಕ್ರೋಪ್ಲಾಸ್ಟಿಕ್, ಮೈಕ್ರೋಪೋಲೋ ಇನ್ನೂ ಮುಂತಾದ ಕಂಪನಿಗಳಲ್ಲಿ ಕೆಲಸ ಮಾಡಲು SSLC, PUC, ITI ಪಾಸ್/ಫೇಲಾದ ಯುವಕ/ಯುವತಿಯರು ಬೇಕಾಗಿದ್ದಾರೆ. ಉಚಿತ ಊಟ, ವಸತಿ ಯೊಂದಿಗೆ 11,000 - 29,000/- (ESI, PF, OT ಸೇರಿ). ಸಂಪರ್ಕಿಸಿ: ಇಂಚರ
97426 99714, 80951 02223
ಶ್ರೀ ಸಮ್ಮೋಹಿನಿ ಕ್ಲಿನಿಕ್
ದೇಹದ ಎಲ್ಲಾ ನೋವುಗಳಿಗೆ,
Sahukar chennaiah Road, Beside United Bank, Gangothri Layout, Mysore.
◆ ಭಯ ಮತ್ತು ಆತಂಕ ◆ ಆತ್ಮಹತ್ಯೆ ಪ್ರವೃತ್ತಿ ◆ ಮಾನಸಿಕ ಖಿನ್ನತೆ ಹಾಗೂ ಇನ್ನಿತರೆ..
ಉಚಿತ ಕನ್ಸಲ್ಟೆನ್ಸಿ ಮತ್ತು ಕೌನ್ಸೆಲಿಂಗ್
9986216554 / 8762443326
S.D.J ಗೋಲ್ಡ್ ಕಂಪನಿ
ಗಿರವಿ ಚಿನ್ನಾಭರಣ ಖರೀದಿ
ನೀವು ಗಿರವಿಯಿಟ್ಟ ಬಿಡಿಸಿಕೊಳ್ಳಲಾಗದ ಚಿನ್ನದ ಆಭರಣಗಳನ್ನು ಬಿಡಿಸಿ ಮಾರುಕಟ್ಟೆಗಿಂತ ಅಧಿಕ ಬೆಲೆಗೆ ತೆಗೆದುಕೊಂಡು ಉಳಿದ ಹಣ ತಕ್ಷಣ ಕೊಡುತ್ತೇವೆ. ಮತ್ತು ನಿಮಗೆ ಒಂದು ಪ್ರಿವಿಲೇಜ್ ಕಾರ್ಡ್ ಕೊಡುತ್ತೇವೆ. ನಿಮಗೆ ಮತ್ತೆ ಒಡವೆ ಬೇಕಾದಲ್ಲಿ ಕೂಲಿ ವೇಸ್ಟೇಜಿಲ್ಲದೆ ನಿಮ್ಮ SDJ ಜ್ಯುವೆಲ್ಲರಿಯಲ್ಲಿ ಖರೀದಿಸಿಕೊಳ್ಳಬಹುದು. ಹಣವಿದ್ದಾಗ ಖರೀದಿಸಿ ಹಣವಿಲ್ಲದಿದ್ದಾಗ ಮಾರಿಬಿಡಿ. ಬಡ್ಡಿ ಕಟ್ಟುವ ಹಣಕ್ಕೆ ಚಿನ್ನವನ್ನು ಕೊಡುಕೊಳ್ಳಿ
9482932666, 9482912666
ವಧು-ವರಾನ್ವೇಷಣೆ
(II Marriage Also)
ಒಕ್ಕಲಿಗ/ಕುರುಬ/ಲಿಂಗಾಯತ/ ನಾಯಕ/SC & ಎಲ್ಲಾ ಜಾತಿಯ ವಧು-ವರರಿಗಾಗಿ ಕೂಡಲೇ ಸಂಪರ್ಕಿಸಿ
9343175000
MUDA Approved
SITES FOR SALE
30x40, 30x50
Behind Infosys Next to BEML
8792517684, 7676440536
ಕೇರಳ ಪ್ರಸಿದ್ಧ ಮಹಾಮಾಂತ್ರಿಕ ಜ್ಯೋತಿಷ್ಯರು ಪಂಡಿತ್ ಕೆ.ಎಸ್.ಕೃಷ್ಣಮೂರ್ತಿ
Mob: 9741806990
ಶ್ರೀ ಚಾಮುಂಡೇಶ್ವರಿ, ಶ್ರೀ ಕೊಳ್ಳೇಗಾಲ ನಾಯ್ಕರ ದೈವ, ಕೇರಳ ಭಗವತಿ ಮತ್ತು ಮಾಂತ್ರಿಕ ಶಕ್ತಿಗಳಿಂದ ಸ್ತ್ರೀ-ಪುರುಷ ಪ್ರೇಮ, ದಾಂಪತ್ಯ ಸಮಸ್ಯೆ, ವಶೀಕರಣ ಇನ್ನೂ ಅನೇಕ ಯಾವುದೇ ಕಠಿಣ ಸಮಸ್ಯೆಗಳಿದ್ದರೂ ಕೇವಲ 3 ದಿನದಲ್ಲಿ ಶಾಶ್ವತ ಪರಿಹಾರ ಮಾಡಿಕೊಡುತ್ತಾರೆ. ವಿಳಾಸ: ಸ್ಕೂಲ್ ಬಸ್ ಸ್ಟಾಂಡ್ ಹಿಂಭಾಗ, ದಾಸಪ್ಪ ಸರ್ಕಲ್ ಹತ್ತಿರ, ಮೈಸೂರು. ಇಲ್ಲಿ ಹೇಳುವಂತಹ ವಿಚಾರಗಳನ್ನು ಗುಪ್ತವಾಗಿಡಲಾಗುವುದು.
IMMEDIATE HIRING
LORVEN SERVICES
Authorised Service Centre: Panasonic India Pvt. Ltd. #4B, A&B Block, Ramakrishnanagar, Mysore-570 023
* Front Office Executive. Well system work and team handling. Good communication. Excel reports and time management skills. * Field Service Person (Fresher's/anyone). -AC Technicians also required. Qualification: PUC, ITI, Diploma, Any Degree (Pass / Fail). Salary: 15000 to 30000. Contact:
Mail id: lorvenservices995@gmail.com
Mob: 9880151303
Wanted Urgent
1) For K.P.O. (Kannada, Telugu, Tamil, English) ; 2) Marketing Executive ; 3) Service Engineer ; 4) Account ; 5) Business Development Executive ; 6) Security Guard (Male - female)
SSLC ಯಿಂದ BE ವರೆಗೆ ಎಲ್ಲಾ ತರಹದ ಜಾಬ್ ಪ್ಲೇಸ್‌ಮೆಂಟ್‌ಗಾಗಿ ಸಂಪರ್ಕಿಸಿ: ಪ್ರಗತಿ ಜಾಬ್ ಪ್ಲೇಸ್‌ಮೆಂಟ್, ಅಗ್ರಹಾರ, ಮೈಸೂರು.
ಮೊ: 9513861300
ಬೇಸಿಗೆ ಶಿಬಿರ
ನೀವೇ ಸ್ವಂತ ರೋಬೋಟ್ ತಯಾರಿಸಿ ಹಾಗೂ ಪ್ರೋಗ್ರಾಮ್ ಮಾಡಿ ರೋಬೋಟ್ ಬಗ್ಗೆ ಕಲಿಯಿರಿ. 7th to PUC ಮಕ್ಕಳಿಗಾಗಿ. ಅವಧಿ: ಒಂದು ವಾರ.
ಪ್ರಗತಿ ಕೋಚಿಂಗ್ ಸೆಂಟರ್ ಅಗ್ರಹಾರ, ಮೈಸೂರು
9513861300, 9513861395
ಕೇವಲ 5 ದಿನಗಳಲ್ಲಿ
1) ಬ್ಲೌಸ್ ಮತ್ತು ಚೂಡಿದಾರ್ 2) ಅಡ್ವಾನ್ಸ್ ಟೈಲರಿಂಗ್ 3) ಮೆಷಿನ್ ಎಂಬ್ರಾಯಡರಿ 4) ಹ್ಯಾಂಡ್ ಎಂಬ್ರಾಯಡರಿ 5) ಸ್ಯಾರಿಕುಚ್ಚು, 6) ಮೆಹಂದಿ ಕಲಿಯಿರಿ
ಪ್ರಗತಿ ಕೋಚಿಂಗ್ ಸೆಂಟರ್ ಅಗ್ರಹಾರ, ಮೈಸೂರು
9513861300, 9513861395
FOR RENT
3 BHK house, 1st Floor for rent. No. 5, 2nd Cross, Telecom Colony, Mahadevapura Road, Udayagiri, Mysore-570 019, Near Forum Mall.
9901940460, 8618987645
WANTED
Telecallers - 10 Nos.
Executives - 5 Nos.
Team Leader - 02 Nos.
Fixed salary + incentive.
Chiru Properties Builders & Developers Pvt. Ltd.
Call: 9164033710, 9742746777
JOBS IN MYSORE
Marketing Executive
CERAMIC STUDIO Tiles Showroom
Salary 15,000 (10 Nos.) Male only No. 3, Industrial Suburb, Vishveshwaranagar, Mysuru-8
7975773401, 7975740317
COMMERCIAL SPACE FOR RENT
1350 sq.ft. & cellar, 9 km from K.R. Circle, Gaddige Main Road, Ganagara Hundi, Mysore. Contact:
7019240349, 9481361090
II PUC - Commerce
Excellent coaching Accounts, Statistics, Basic Maths, Economics, B.Studies etc.
100% individual attention & evaluation.
Call: Sharma
Mob: 9901932751
WANTED
1) Security Guards 2) Houseman 3) Parking staff with 4 wheeler driving license and experience. 4) Pantry / Office Boy.
Contact:
Ph: 0821-4283555
WANTED
* Front Office Executive
* Room Boys
* Security
For famous hotel located in heart of the city.
0821-4244990, 0821-4262294
FOR RENT
30x40 new house ground floor for rent at Vijayanagar 4th Stage.
Contact: Nandish
Mob: 9845425887
ಬೇಕಾಗಿದ್ದಾರೆ
* ರೂಮ್ ಬಾಯ್ಸ್
* ಸೆಕ್ಯೂರಿಟಿ
* ಫ್ರಂಟ್ ಆಫೀಸ್ ಎಕ್ಸಿಕ್ಯೂಟಿವ್
ನಗರದ ಹೃದಯ ಭಾಗದಲ್ಲಿರುವ ಹೆಸರಾಂತ ಹೋಟೆಲ್‌ವೊಂದಕ್ಕೆ
0821-2492394, 0821-2445591
Sites For Sale
20x30 Rs. 14.25 Lakh
30x40 Rs. 28 Lakh
Near JP Nagara Ring Road
Villas are also available.
MUDA Approved
9900201234, 9980013969
ಅನುಭವಿ ಶಿಕ್ಷಕ/ಶಿಕ್ಷಕಿಯರು/ ಚಾಲಕರು ಬೇಕಾಗಿದ್ದಾರೆ
ಶ್ರೀ ಭೈರವೇಶ್ವರ ಪಬ್ಲಿಕ್ ಸ್ಕೂಲ್ (ಎಸ್.ಬಿ.ಪಿ. ಸ್ಕೂಲ್) (ಆಂಗ್ಲಮಾಧ್ಯಮ) (ನರ್ಸರಿ, ಪ್ರೈಮರಿ, ಹೈಯರ್ ಪ್ರೈಮರಿ ಮತ್ತು ಪ್ರೌಢಶಾಲೆ) ಬೆಳಗೊಳ, ಶ್ರೀರಂಗಪಟ್ಟಣ ತಾಲ್ಲೂಕು, ಮಂಡ್ಯ ಜಿಲ್ಲೆ. ಆಕರ್ಷಕ ವೇತನ ನೀಡಲಾಗುವುದು.
8747011791 / 8546938423
ಜಮೀನು ಮಾರಾಟಕ್ಕಿದೆ
ಮೈಸೂರು (ತಾ) ಜಯಪುರ (ಹೋ) ದಾರಿಪುರದ ಮುಖ್ಯರಸ್ತೆಯಲ್ಲಿ 35 ಗುಂಟೆ ಕಮರ್ಷಿಯಲ್ ಜಾಗ ಮಾರಾಟಕ್ಕಿದೆ. ಮತ್ತು ಮಾವಿನಹಳ್ಳಿಯ ಸರ್ವೆ ನಂ. ನಲ್ಲಿ 3 ಎಕರೆ 7 ಗುಂಟೆ ಜಮೀನು ಅತಿ ಕಡಿಮೆ 14.50 ಲಕ್ಷಕ್ಕೆ ಮಾರಾಟಕ್ಕಿದೆ.
8722327694 / 9663793666
REQUIRED
* Sales Boys
* Marketing Manager for Pharma field.
Boys / Girls.
Mob: 9900198867, 9901699659, 9342256526
Building For Rent
Suitable for PG / Hostel
M.G. Koppal, Hebbal Landmark: Near Abhishek Circle.
9740983890, 9964751751
SITE FOR SALE
1) Police Layout 40x60 (West face) 2) Manasa Nagar 50x80 (North face)
Brokers Excuse
Mob: 9110836726
ತಕ್ಷಣ ಬೇಕಾಗಿದ್ದಾರೆ
ಬನ್ನೂರು ರಸ್ತೆ ಮತ್ತು ಸಿದ್ಧಾರ್ಥನಗರ ಏರಿಯಾದಲ್ಲಿ ಕೆಲಸ ಮಾಡಲು ಸೆಕ್ಯೂರಿಟಿ ಗಾರ್ಡ್‌ಗಳು ಬೇಕಾಗಿದ್ದಾರೆ. ವಿದ್ಯಾರ್ಹತೆ : SSLC ಸಂಬಳ : 10,000 ESI ಮತ್ತು PF ಸೌಲಭ್ಯವಿರುತ್ತದೆ
9620667819 / 9880727819
ಜಮೀನು ಮಾರಾಟಕ್ಕಿದೆ
ಮೈಸೂರು ಮತ್ತು ಗದ್ದಿಗೆಯ ಮುಖ್ಯ ರಸ್ತೆಯಲ್ಲಿ ಕ್ಯಾತನಹಳ್ಳಿಯಲ್ಲಿ 6 ಎಕರೆ ಜಮೀನು ಅತಿ ಕಡಿಮೆ ಬೆಲೆಯಲ್ಲಿ ಮಾರಾಟಕ್ಕಿದೆ. ಮುಖ್ಯ ರಸ್ತೆಗೆ ಜಮೀನು ಇದೆ.
9901957994 / 9113040259
ಹಿಂದೂ ವಧು/ವರರಿಗಾಗಿ
ಲಿಂಗಾಯಿತ 30 ವರ್ಷ PUC, ಕುರುಬ 38 ವರ್ಷ BSC, MBA, SC 26 ವರ್ಷ BSC, BEd, ಮರಾಠಿ 33 ವರ್ಷ ವಧುವಿಗೆ ವರ ಬೇಕಾಗಿದೆ. ಬ್ರಾಹ್ಮಣ 30 ವರ್ಷ, ಲಿಂಗಾಯಿತ 30 ವರ್ಷ, ಒಕ್ಕಲಿಗರ 30 ವರ್ಷ, ಕುರುಬ 48 ವರ್ಷ, SC 30 ವರ್ಷ, ಬಲಿಜ 51 ವರ್ಷದ ಒಳ್ಳೆಯ ಕೆಲಸ ಶ್ರೀಮಂತ ವರರಿಗೆ ವಧುಗಳು ಬೇಕಾಗಿದೆ. ಎಲ್ಲಾ ಜಾತಿ ಸಂಬಂಧಗಳಿಗೆ ಸಂಪರ್ಕಿಸಿ.
9482142361
40
ಮೈಸೂರು ಮಿತ್ರ
ಓದುಗರ ಗಮನಕ್ಕೆ
ಪತ್ರಿಕೆಯಲ್ಲಿ ಪ್ರಕಟವಾಗುವ ಜಾಹೀರಾತುಗಳು ವಿಶ್ವಾಸಪೂರ್ಣವೇ. ಆದರೂ ಅವುಗಳಲ್ಲಿನ ಮಾಹಿತಿ, ವಸ್ತು ಲೋಪ ದೋಷ, ಗುಣಮಟ್ಟ ಮುಂತಾದವುಗಳ ಕುರಿತು ಆಸಕ್ತ ಸಾರ್ವಜನಿಕರು ಜಾಹೀರಾತುದಾರರೊಡನೆಯೇ ವ್ಯವಹರಿಸಬೇಕಾಗುತ್ತದೆ. ಅದಕ್ಕೆ ಪತ್ರಿಕೆ ಜವಾಬ್ದಾರಿಯಾಗುವುದಿಲ್ಲ.
-ಜಾಹೀರಾತು ವ್ಯವಸ್ಥಾಪಕರು
ಮತ್ತಷ್ಟು ವರ್ಗೀಕೃತ ಜಾಹೀರಾತು ಪುಟ 10 ರಲ್ಲಿ
